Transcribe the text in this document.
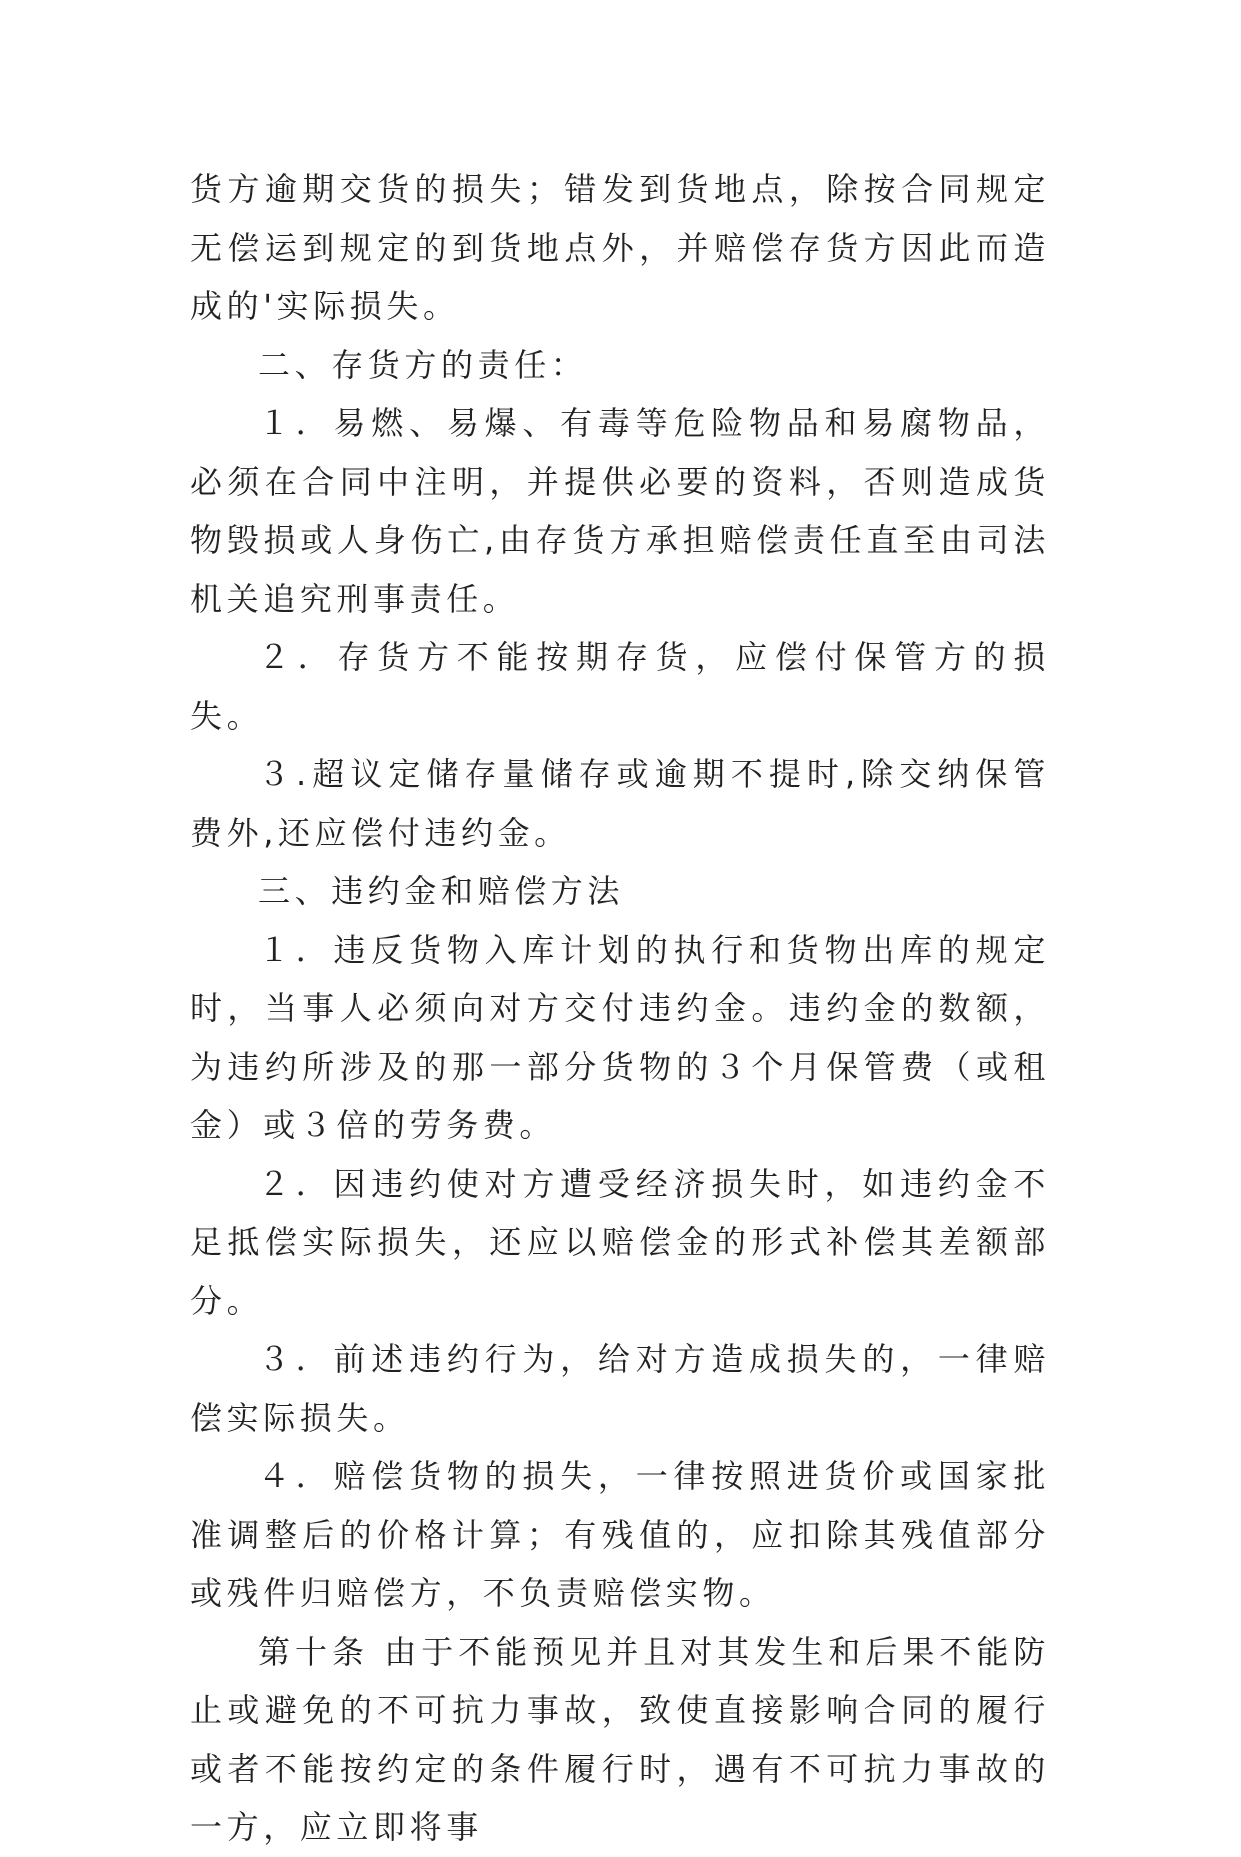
货方逾期交货的损失；错发到货地点，除按合同规定无偿运到规定的到货地点外，并赔偿存货方因此而造成的'实际损失。

二、存货方的责任：

１．易燃、易爆、有毒等危险物品和易腐物品，必须在合同中注明，并提供必要的资料，否则造成货物毁损或人身伤亡,由存货方承担赔偿责任直至由司法机关追究刑事责任。

２．存货方不能按期存货，应偿付保管方的损失。

３.超议定储存量储存或逾期不提时,除交纳保管费外,还应偿付违约金。

三、违约金和赔偿方法

１．违反货物入库计划的执行和货物出库的规定时，当事人必须向对方交付违约金。违约金的数额，为违约所涉及的那一部分货物的３个月保管费（或租金）或３倍的劳务费。

２．因违约使对方遭受经济损失时，如违约金不足抵偿实际损失，还应以赔偿金的形式补偿其差额部分。

３．前述违约行为，给对方造成损失的，一律赔偿实际损失。

４．赔偿货物的损失，一律按照进货价或国家批准调整后的价格计算；有残值的，应扣除其残值部分或残件归赔偿方，不负责赔偿实物。

第十条 由于不能预见并且对其发生和后果不能防止或避免的不可抗力事故，致使直接影响合同的履行或者不能按约定的条件履行时，遇有不可抗力事故的一方，应立即将事
